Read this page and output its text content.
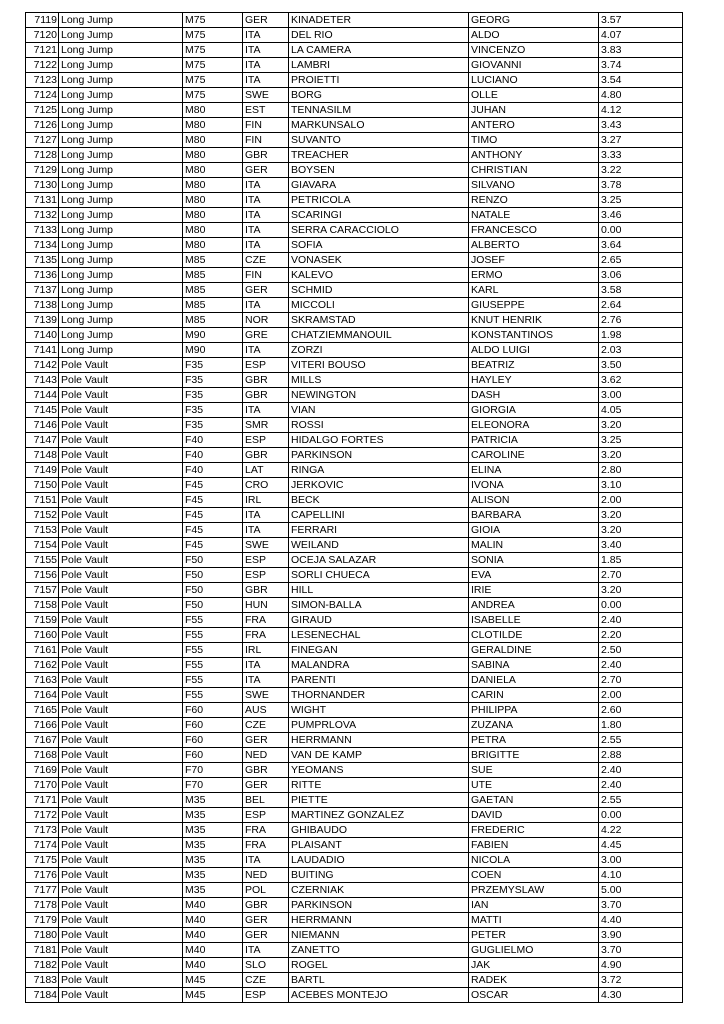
7119	Long Jump	M75	GER	KINADETER	GEORG	3.57
7120	Long Jump	M75	ITA	DEL RIO	ALDO	4.07
7121	Long Jump	M75	ITA	LA CAMERA	VINCENZO	3.83
7122	Long Jump	M75	ITA	LAMBRI	GIOVANNI	3.74
7123	Long Jump	M75	ITA	PROIETTI	LUCIANO	3.54
7124	Long Jump	M75	SWE	BORG	OLLE	4.80
7125	Long Jump	M80	EST	TENNASILM	JUHAN	4.12
7126	Long Jump	M80	FIN	MARKUNSALO	ANTERO	3.43
7127	Long Jump	M80	FIN	SUVANTO	TIMO	3.27
7128	Long Jump	M80	GBR	TREACHER	ANTHONY	3.33
7129	Long Jump	M80	GER	BOYSEN	CHRISTIAN	3.22
7130	Long Jump	M80	ITA	GIAVARA	SILVANO	3.78
7131	Long Jump	M80	ITA	PETRICOLA	RENZO	3.25
7132	Long Jump	M80	ITA	SCARINGI	NATALE	3.46
7133	Long Jump	M80	ITA	SERRA CARACCIOLO	FRANCESCO	0.00
7134	Long Jump	M80	ITA	SOFIA	ALBERTO	3.64
7135	Long Jump	M85	CZE	VONASEK	JOSEF	2.65
7136	Long Jump	M85	FIN	KALEVO	ERMO	3.06
7137	Long Jump	M85	GER	SCHMID	KARL	3.58
7138	Long Jump	M85	ITA	MICCOLI	GIUSEPPE	2.64
7139	Long Jump	M85	NOR	SKRAMSTAD	KNUT HENRIK	2.76
7140	Long Jump	M90	GRE	CHATZIEMMANOUIL	KONSTANTINOS	1.98
7141	Long Jump	M90	ITA	ZORZI	ALDO LUIGI	2.03
7142	Pole Vault	F35	ESP	VITERI BOUSO	BEATRIZ	3.50
7143	Pole Vault	F35	GBR	MILLS	HAYLEY	3.62
7144	Pole Vault	F35	GBR	NEWINGTON	DASH	3.00
7145	Pole Vault	F35	ITA	VIAN	GIORGIA	4.05
7146	Pole Vault	F35	SMR	ROSSI	ELEONORA	3.20
7147	Pole Vault	F40	ESP	HIDALGO FORTES	PATRICIA	3.25
7148	Pole Vault	F40	GBR	PARKINSON	CAROLINE	3.20
7149	Pole Vault	F40	LAT	RINGA	ELINA	2.80
7150	Pole Vault	F45	CRO	JERKOVIC	IVONA	3.10
7151	Pole Vault	F45	IRL	BECK	ALISON	2.00
7152	Pole Vault	F45	ITA	CAPELLINI	BARBARA	3.20
7153	Pole Vault	F45	ITA	FERRARI	GIOIA	3.20
7154	Pole Vault	F45	SWE	WEILAND	MALIN	3.40
7155	Pole Vault	F50	ESP	OCEJA SALAZAR	SONIA	1.85
7156	Pole Vault	F50	ESP	SORLI CHUECA	EVA	2.70
7157	Pole Vault	F50	GBR	HILL	IRIE	3.20
7158	Pole Vault	F50	HUN	SIMON-BALLA	ANDREA	0.00
7159	Pole Vault	F55	FRA	GIRAUD	ISABELLE	2.40
7160	Pole Vault	F55	FRA	LESENECHAL	CLOTILDE	2.20
7161	Pole Vault	F55	IRL	FINEGAN	GERALDINE	2.50
7162	Pole Vault	F55	ITA	MALANDRA	SABINA	2.40
7163	Pole Vault	F55	ITA	PARENTI	DANIELA	2.70
7164	Pole Vault	F55	SWE	THORNANDER	CARIN	2.00
7165	Pole Vault	F60	AUS	WIGHT	PHILIPPA	2.60
7166	Pole Vault	F60	CZE	PUMPRLOVA	ZUZANA	1.80
7167	Pole Vault	F60	GER	HERRMANN	PETRA	2.55
7168	Pole Vault	F60	NED	VAN DE KAMP	BRIGITTE	2.88
7169	Pole Vault	F70	GBR	YEOMANS	SUE	2.40
7170	Pole Vault	F70	GER	RITTE	UTE	2.40
7171	Pole Vault	M35	BEL	PIETTE	GAETAN	2.55
7172	Pole Vault	M35	ESP	MARTINEZ GONZALEZ	DAVID	0.00
7173	Pole Vault	M35	FRA	GHIBAUDO	FREDERIC	4.22
7174	Pole Vault	M35	FRA	PLAISANT	FABIEN	4.45
7175	Pole Vault	M35	ITA	LAUDADIO	NICOLA	3.00
7176	Pole Vault	M35	NED	BUITING	COEN	4.10
7177	Pole Vault	M35	POL	CZERNIAK	PRZEMYSLAW	5.00
7178	Pole Vault	M40	GBR	PARKINSON	IAN	3.70
7179	Pole Vault	M40	GER	HERRMANN	MATTI	4.40
7180	Pole Vault	M40	GER	NIEMANN	PETER	3.90
7181	Pole Vault	M40	ITA	ZANETTO	GUGLIELMO	3.70
7182	Pole Vault	M40	SLO	ROGEL	JAK	4.90
7183	Pole Vault	M45	CZE	BARTL	RADEK	3.72
7184	Pole Vault	M45	ESP	ACEBES MONTEJO	OSCAR	4.30
